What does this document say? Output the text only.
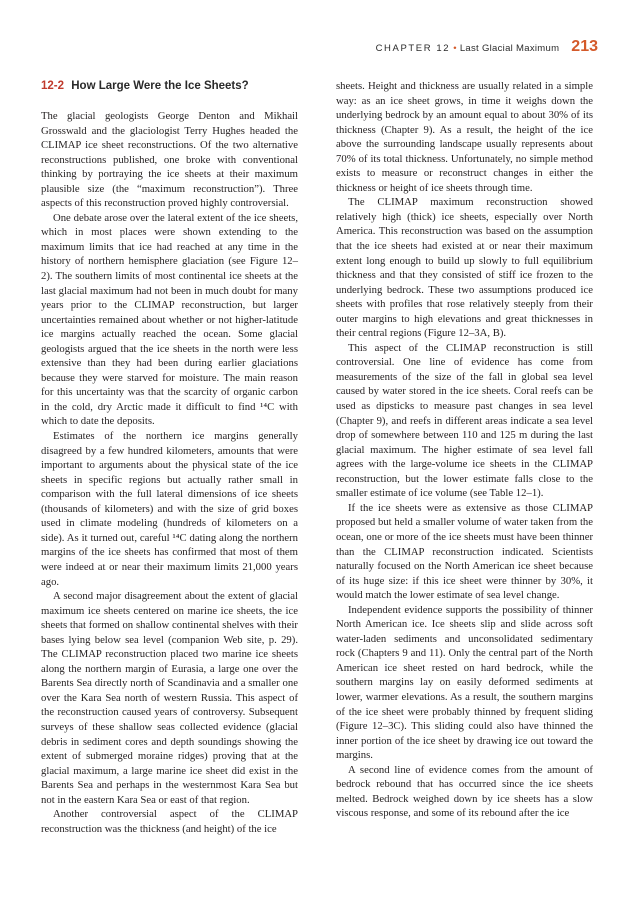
CHAPTER 12 • Last Glacial Maximum 213
12-2 How Large Were the Ice Sheets?

The glacial geologists George Denton and Mikhail Grosswald and the glaciologist Terry Hughes headed the CLIMAP ice sheet reconstructions. Of the two alternative reconstructions published, one broke with conventional thinking by portraying the ice sheets at their maximum plausible size (the “maximum reconstruction”). Three aspects of this reconstruction proved highly controversial.

One debate arose over the lateral extent of the ice sheets, which in most places were shown extending to the maximum limits that ice had reached at any time in the history of northern hemisphere glaciation (see Figure 12–2). The southern limits of most continental ice sheets at the last glacial maximum had not been in much doubt for many years prior to the CLIMAP reconstruction, but larger uncertainties remained about whether or not higher-latitude ice margins actually reached the ocean. Some glacial geologists argued that the ice sheets in the north were less extensive than they had been during earlier glaciations because they were starved for moisture. The main reason for this uncertainty was that the scarcity of organic carbon in the cold, dry Arctic made it difficult to find ¹⁴C with which to date the deposits.

Estimates of the northern ice margins generally disagreed by a few hundred kilometers, amounts that were important to arguments about the physical state of the ice sheets in specific regions but actually rather small in comparison with the full lateral dimensions of ice sheets (thousands of kilometers) and with the size of grid boxes used in climate modeling (hundreds of kilometers on a side). As it turned out, careful ¹⁴C dating along the northern margins of the ice sheets has confirmed that most of them were indeed at or near their maximum limits 21,000 years ago.

A second major disagreement about the extent of glacial maximum ice sheets centered on marine ice sheets, the ice sheets that formed on shallow continental shelves with their bases lying below sea level (companion Web site, p. 29). The CLIMAP reconstruction placed two marine ice sheets along the northern margin of Eurasia, a large one over the Barents Sea directly north of Scandinavia and a smaller one over the Kara Sea north of western Russia. This aspect of the reconstruction caused years of controversy. Subsequent surveys of these shallow seas collected evidence (glacial debris in sediment cores and depth soundings showing the extent of submerged moraine ridges) proving that at the glacial maximum, a large marine ice sheet did exist in the Barents Sea and perhaps in the westernmost Kara Sea but not in the eastern Kara Sea or east of that region.

Another controversial aspect of the CLIMAP reconstruction was the thickness (and height) of the ice

sheets. Height and thickness are usually related in a simple way: as an ice sheet grows, in time it weighs down the underlying bedrock by an amount equal to about 30% of its thickness (Chapter 9). As a result, the height of the ice above the surrounding landscape usually represents about 70% of its total thickness. Unfortunately, no simple method exists to measure or reconstruct changes in either the thickness or height of ice sheets through time.

The CLIMAP maximum reconstruction showed relatively high (thick) ice sheets, especially over North America. This reconstruction was based on the assumption that the ice sheets had existed at or near their maximum extent long enough to build up slowly to full equilibrium thickness and that they consisted of stiff ice frozen to the underlying bedrock. These two assumptions produced ice sheets with profiles that rose relatively steeply from their outer margins to high elevations and great thicknesses in their central regions (Figure 12–3A, B).

This aspect of the CLIMAP reconstruction is still controversial. One line of evidence has come from measurements of the size of the fall in global sea level caused by water stored in the ice sheets. Coral reefs can be used as dipsticks to measure past changes in sea level (Chapter 9), and reefs in different areas indicate a sea level drop of somewhere between 110 and 125 m during the last glacial maximum. The higher estimate of sea level fall agrees with the large-volume ice sheets in the CLIMAP reconstruction, but the lower estimate falls close to the smaller estimate of ice volume (see Table 12–1).

If the ice sheets were as extensive as those CLIMAP proposed but held a smaller volume of water taken from the ocean, one or more of the ice sheets must have been thinner than the CLIMAP reconstruction indicated. Scientists naturally focused on the North American ice sheet because of its huge size: if this ice sheet were thinner by 30%, it would match the lower estimate of sea level change.

Independent evidence supports the possibility of thinner North American ice. Ice sheets slip and slide across soft water-laden sediments and unconsolidated sedimentary rock (Chapters 9 and 11). Only the central part of the North American ice sheet rested on hard bedrock, while the southern margins lay on easily deformed sediments at lower, warmer elevations. As a result, the southern margins of the ice sheet were probably thinned by frequent sliding (Figure 12–3C). This sliding could also have thinned the inner portion of the ice sheet by drawing ice out toward the margins.

A second line of evidence comes from the amount of bedrock rebound that has occurred since the ice sheets melted. Bedrock weighed down by ice sheets has a slow viscous response, and some of its rebound after the ice
